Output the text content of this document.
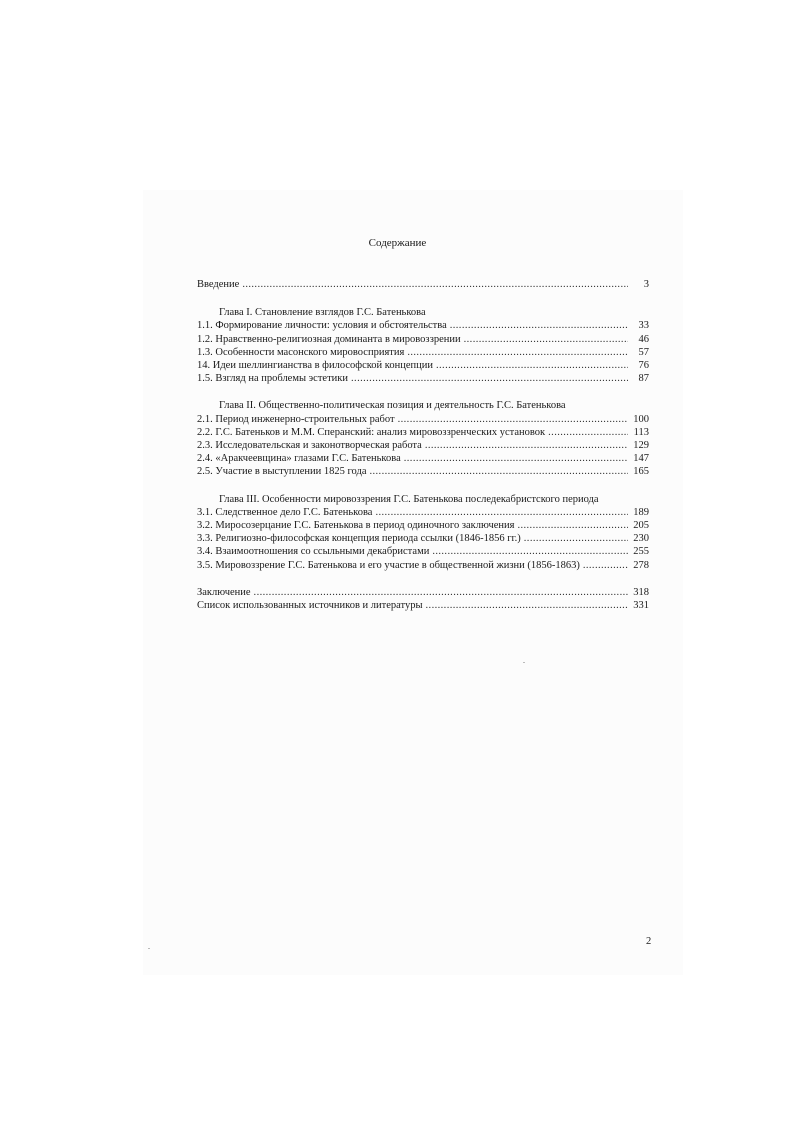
Содержание
Введение .....	3
Глава I. Становление взглядов Г.С. Батенькова
1.1. Формирование личности: условия и обстоятельства .....	33
1.2. Нравственно-религиозная доминанта в мировоззрении .....	46
1.3. Особенности масонского мировосприятия .....	57
14. Идеи шеллингианства в философской концепции .....	76
1.5. Взгляд на проблемы эстетики .....	87
Глава II. Общественно-политическая позиция и деятельность Г.С. Батенькова
2.1. Период инженерно-строительных работ .....	100
2.2. Г.С. Батеньков и М.М. Сперанский: анализ мировоззренческих установок .....	113
2.3. Исследовательская и законотворческая работа .....	129
2.4. «Аракчеевщина» глазами Г.С. Батенькова .....	147
2.5. Участие в выступлении 1825 года .....	165
Глава III. Особенности мировоззрения Г.С. Батенькова последекабристского периода
3.1. Следственное дело Г.С. Батенькова .....	189
3.2. Миросозерцание Г.С. Батенькова в период одиночного заключения .....	205
3.3. Религиозно-философская концепция периода ссылки (1846-1856 гг.) .....	230
3.4. Взаимоотношения со ссыльными декабристами .....	255
3.5. Мировоззрение Г.С. Батенькова и его участие в общественной жизни (1856-1863) .....	278
Заключение .....	318
Список использованных источников и литературы .....	331
2
